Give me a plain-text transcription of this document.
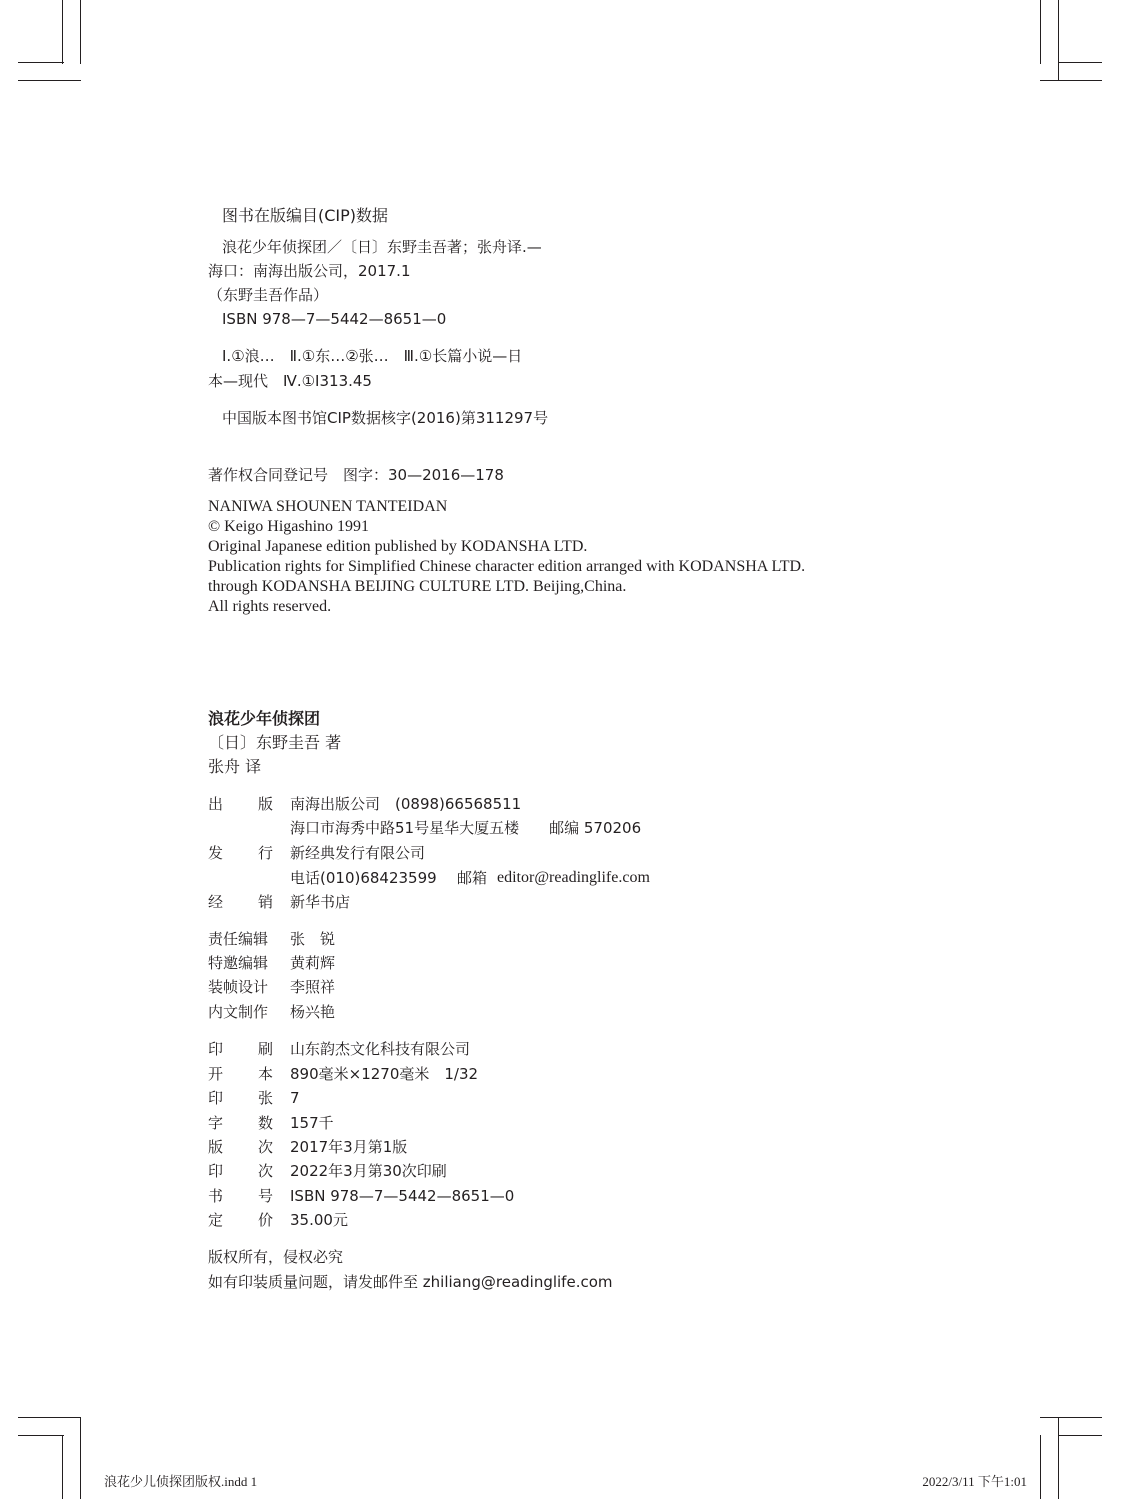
图书在版编目(CIP)数据
浪花少年侦探团／〔日〕东野圭吾著；张舟译.—
海口：南海出版公司，2017.1
（东野圭吾作品）
ISBN 978—7—5442—8651—0
Ⅰ.①浪…　Ⅱ.①东…②张…　Ⅲ.①长篇小说—日
本—现代　Ⅳ.①I313.45
中国版本图书馆CIP数据核字(2016)第311297号
著作权合同登记号　图字：30—2016—178
NANIWA SHOUNEN TANTEIDAN
© Keigo Higashino 1991
Original Japanese edition published by KODANSHA LTD.
Publication rights for Simplified Chinese character edition arranged with KODANSHA LTD.
through KODANSHA BEIJING CULTURE LTD. Beijing,China.
All rights reserved.
浪花少年侦探团
〔日〕东野圭吾 著
张舟 译
出 版 南海出版公司　(0898)66568511
海口市海秀中路51号星华大厦五楼　　邮编 570206
发 行 新经典发行有限公司
电话(010)68423599 邮箱 editor@readinglife.com
经 销 新华书店
责任编辑 张　锐
特邀编辑 黄莉辉
装帧设计 李照祥
内文制作 杨兴艳
印 刷 山东韵杰文化科技有限公司
开 本 890毫米×1270毫米　1/32
印 张 7
字 数 157千
版 次 2017年3月第1版
印 次 2022年3月第30次印刷
书 号 ISBN 978—7—5442—8651—0
定 价 35.00元
版权所有，侵权必究
如有印装质量问题，请发邮件至 zhiliang@readinglife.com
浪花少儿侦探团版权.indd 1	2022/3/11 下午1:01
